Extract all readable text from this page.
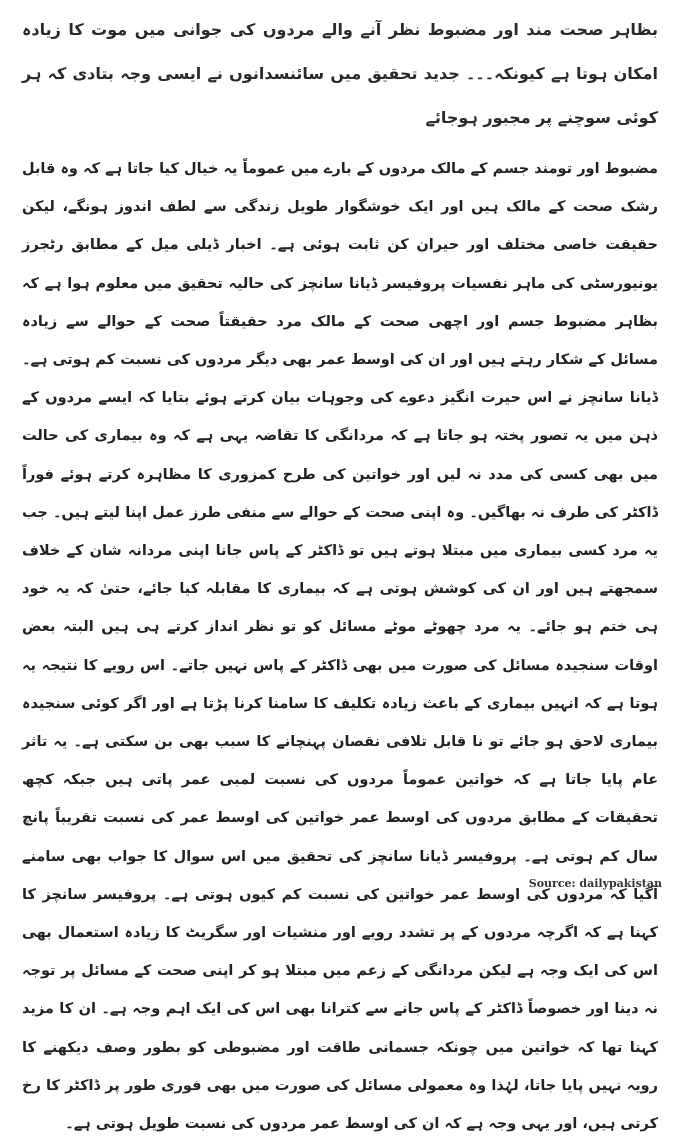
بظاہر صحت مند اور مضبوط نظر آنے والے مردوں کی جوانی میں موت کا زیادہ امکان ہوتا ہے کیونکہ۔۔۔ جدید تحقیق میں سائنسدانوں نے ایسی وجہ بتادی کہ ہر کوئی سوچنے پر مجبور ہوجائے

مضبوط اور تومند جسم کے مالک مردوں کے بارے میں عموماً یہ خیال کیا جاتا ہے کہ وہ قابل رشک صحت کے مالک ہیں اور ایک خوشگوار طویل زندگی سے لطف اندوز ہونگے، لیکن حقیقت خاصی مختلف اور حیران کن ثابت ہوئی ہے۔ اخبار ڈیلی میل کے مطابق رٹجرز یونیورسٹی کی ماہر نفسیات پروفیسر ڈیانا سانچز کی حالیہ تحقیق میں معلوم ہوا ہے کہ بظاہر مضبوط جسم اور اچھی صحت کے مالک مرد حقیقتاً صحت کے حوالے سے زیادہ مسائل کے شکار رہتے ہیں اور ان کی اوسط عمر بھی دیگر مردوں کی نسبت کم ہوتی ہے۔ ڈیانا سانچز نے اس حیرت انگیز دعوے کی وجوہات بیان کرتے ہوئے بتایا کہ ایسے مردوں کے ذہن میں یہ تصور پختہ ہو جاتا ہے کہ مردانگی کا تقاضہ یہی ہے کہ وہ بیماری کی حالت میں بھی کسی کی مدد نہ لیں اور خواتین کی طرح کمزوری کا مظاہرہ کرتے ہوئے فوراً ڈاکٹر کی طرف نہ بھاگیں۔ وہ اپنی صحت کے حوالے سے منفی طرز عمل اپنا لیتے ہیں۔ جب یہ مرد کسی بیماری میں مبتلا ہوتے ہیں تو ڈاکٹر کے پاس جانا اپنی مردانہ شان کے خلاف سمجھتے ہیں اور ان کی کوشش ہوتی ہے کہ بیماری کا مقابلہ کیا جائے، حتیٰ کہ یہ خود ہی ختم ہو جائے۔ یہ مرد چھوٹے موٹے مسائل کو تو نظر انداز کرتے ہی ہیں البتہ بعض اوقات سنجیدہ مسائل کی صورت میں بھی ڈاکٹر کے پاس نہیں جاتے۔ اس رویے کا نتیجہ یہ ہوتا ہے کہ انہیں بیماری کے باعث زیادہ تکلیف کا سامنا کرنا پڑتا ہے اور اگر کوئی سنجیدہ بیماری لاحق ہو جائے تو نا قابل تلافی نقصان پہنچانے کا سبب بھی بن سکتی ہے۔ یہ تاثر عام پایا جاتا ہے کہ خواتین عموماً مردوں کی نسبت لمبی عمر پاتی ہیں جبکہ کچھ تحقیقات کے مطابق مردوں کی اوسط عمر خواتین کی اوسط عمر کی نسبت تقریباً پانچ سال کم ہوتی ہے۔ پروفیسر ڈیانا سانچز کی تحقیق میں اس سوال کا جواب بھی سامنے آگیا کہ مردوں کی اوسط عمر خواتین کی نسبت کم کیوں ہوتی ہے۔ پروفیسر سانچز کا کہنا ہے کہ اگرچہ مردوں کے پر تشدد رویے اور منشیات اور سگریٹ کا زیادہ استعمال بھی اس کی ایک وجہ ہے لیکن مردانگی کے زعم میں مبتلا ہو کر اپنی صحت کے مسائل پر توجہ نہ دینا اور خصوصاً ڈاکٹر کے پاس جانے سے کترانا بھی اس کی ایک اہم وجہ ہے۔ ان کا مزید کہنا تھا کہ خواتین میں چونکہ جسمانی طاقت اور مضبوطی کو بطور وصف دیکھنے کا رویہ نہیں پایا جاتا، لہٰذا وہ معمولی مسائل کی صورت میں بھی فوری طور پر ڈاکٹر کا رخ کرتی ہیں، اور یہی وجہ ہے کہ ان کی اوسط عمر مردوں کی نسبت طویل ہوتی ہے۔

Source: dailypakistan
